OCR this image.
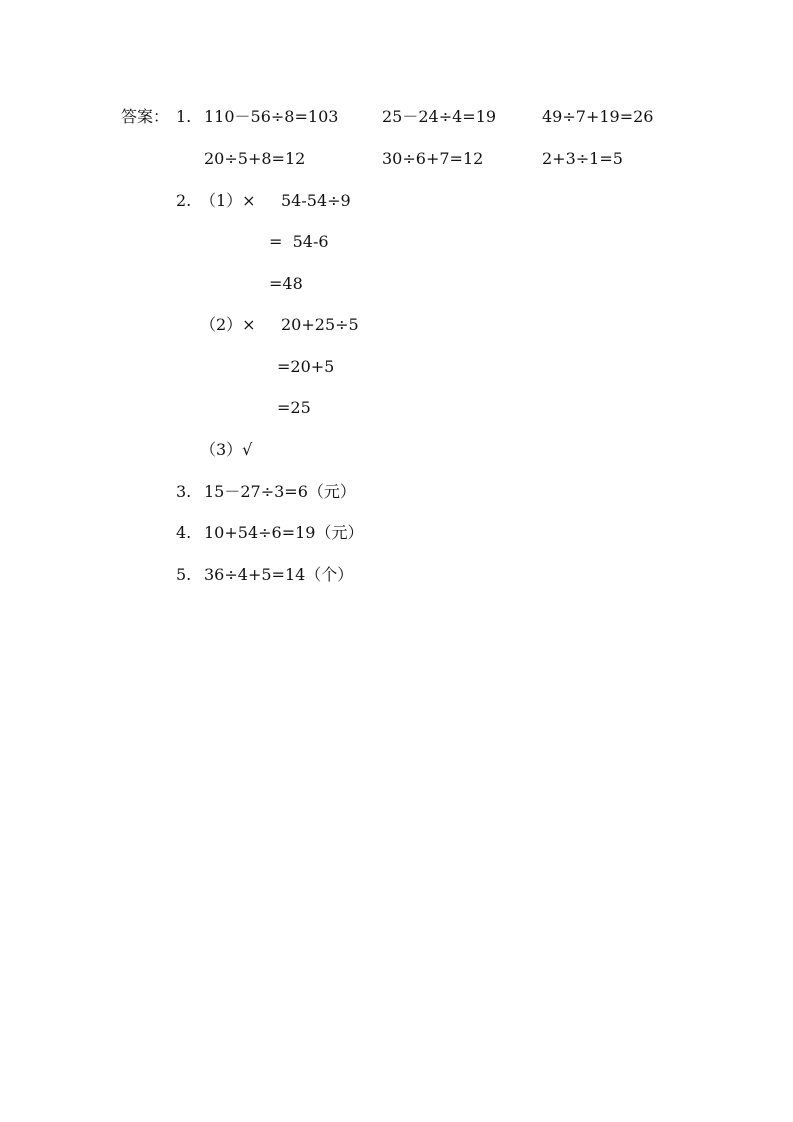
答案： 1. 110－56÷8=103	25－24÷4=19	49÷7+19=26
20÷5+8=12	30÷6+7=12	2+3÷1=5
2. （1）× 54-54÷9
=  54-6
=48
（2）× 20+25÷5
=20+5
=25
（3）√
3. 15－27÷3=6（元）
4. 10+54÷6=19（元）
5. 36÷4+5=14（个）
